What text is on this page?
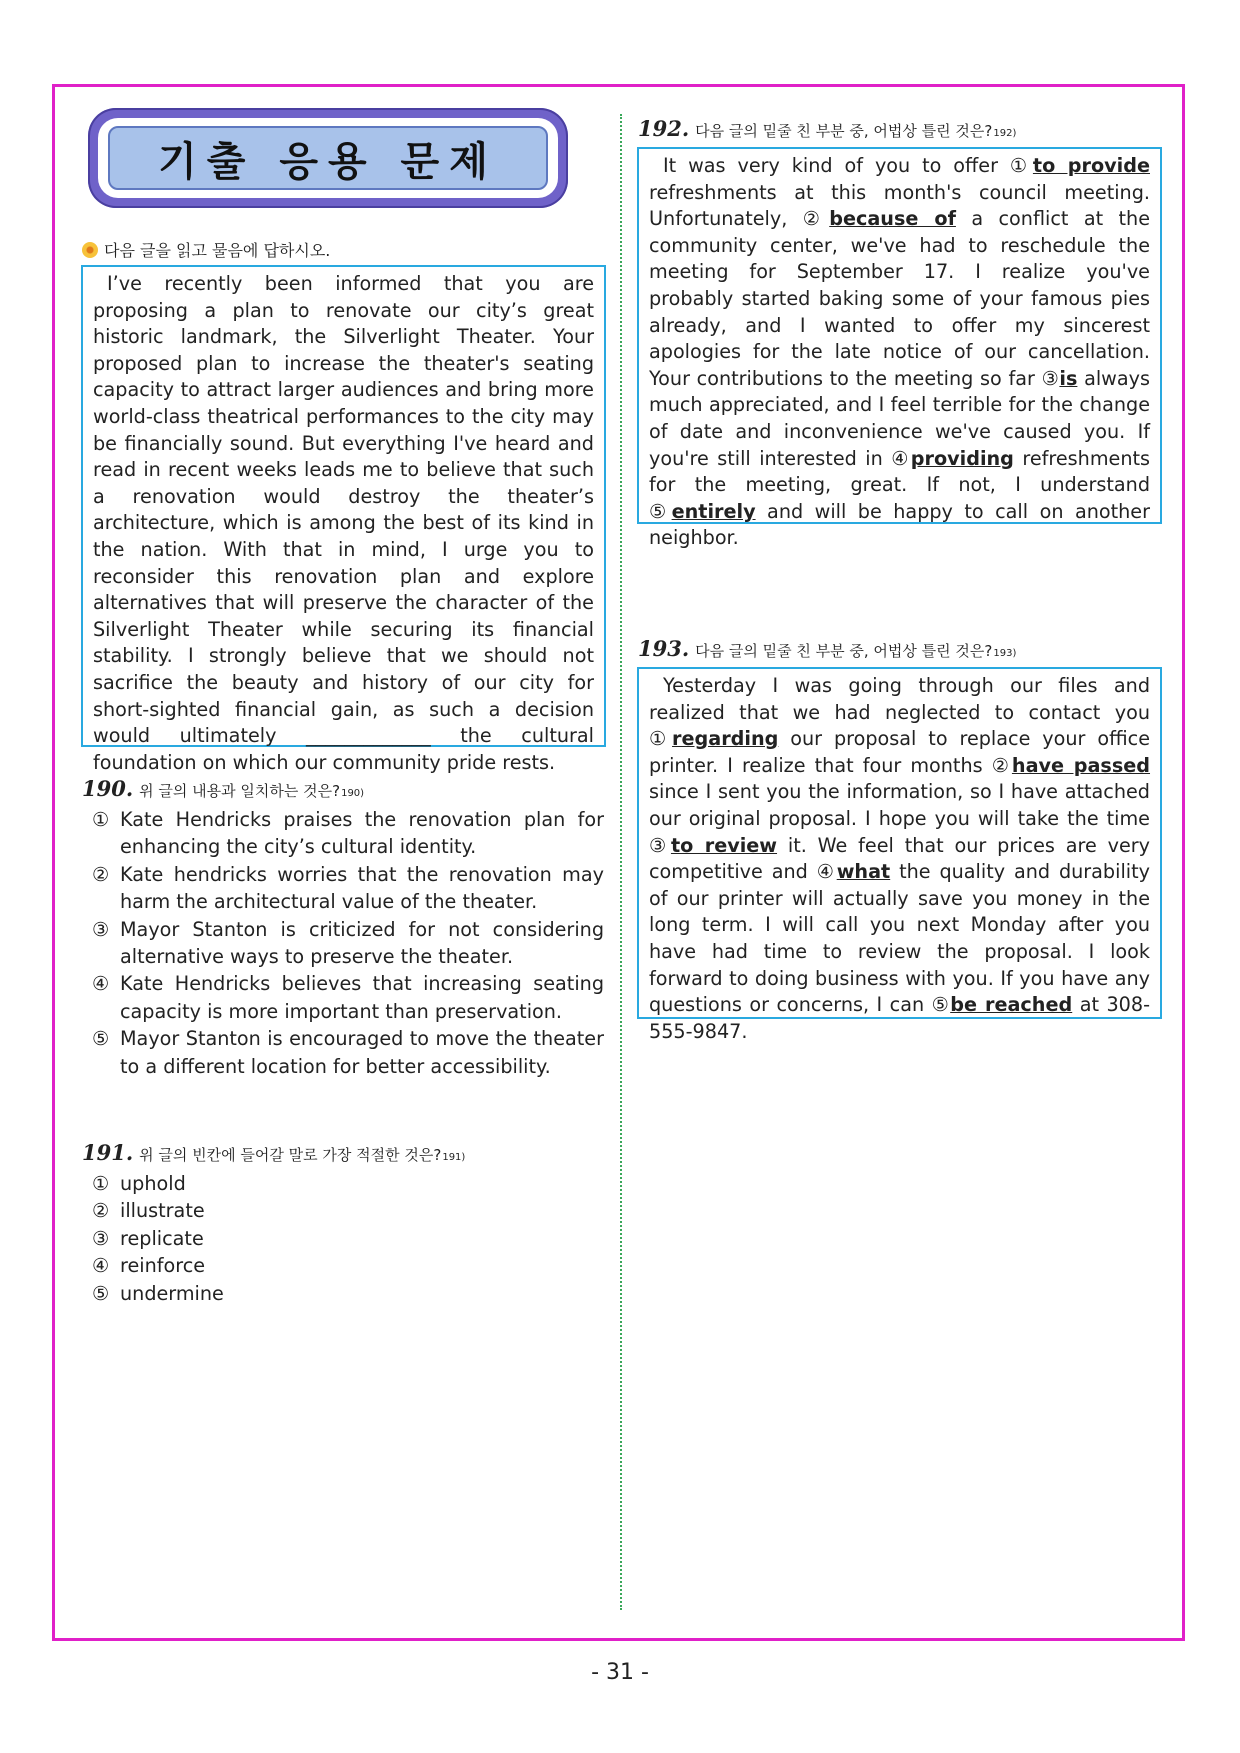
기출 응용 문제
다음 글을 읽고 물음에 답하시오.

I’ve recently been informed that you are proposing a plan to renovate our city’s great historic landmark, the Silverlight Theater. Your proposed plan to increase the theater's seating capacity to attract larger audiences and bring more world-class theatrical performances to the city may be financially sound. But everything I've heard and read in recent weeks leads me to believe that such a renovation would destroy the theater’s architecture, which is among the best of its kind in the nation. With that in mind, I urge you to reconsider this renovation plan and explore alternatives that will preserve the character of the Silverlight Theater while securing its financial stability. I strongly believe that we should not sacrifice the beauty and history of our city for short-sighted financial gain, as such a decision would ultimately _____________ the cultural foundation on which our community pride rests.

190. 위 글의 내용과 일치하는 것은? 190)
① Kate Hendricks praises the renovation plan for enhancing the city’s cultural identity.
② Kate hendricks worries that the renovation may harm the architectural value of the theater.
③ Mayor Stanton is criticized for not considering alternative ways to preserve the theater.
④ Kate Hendricks believes that increasing seating capacity is more important than preservation.
⑤ Mayor Stanton is encouraged to move the theater to a different location for better accessibility.
191. 위 글의 빈칸에 들어갈 말로 가장 적절한 것은? 191)
① uphold
② illustrate
③ replicate
④ reinforce
⑤ undermine
192. 다음 글의 밑줄 친 부분 중, 어법상 틀린 것은? 192)

It was very kind of you to offer ①to provide refreshments at this month's council meeting. Unfortunately, ②because of a conflict at the community center, we've had to reschedule the meeting for September 17. I realize you've probably started baking some of your famous pies already, and I wanted to offer my sincerest apologies for the late notice of our cancellation. Your contributions to the meeting so far ③is always much appreciated, and I feel terrible for the change of date and inconvenience we've caused you. If you're still interested in ④providing refreshments for the meeting, great. If not, I understand ⑤entirely and will be happy to call on another neighbor.

193. 다음 글의 밑줄 친 부분 중, 어법상 틀린 것은? 193)

Yesterday I was going through our files and realized that we had neglected to contact you ①regarding our proposal to replace your office printer. I realize that four months ②have passed since I sent you the information, so I have attached our original proposal. I hope you will take the time ③to review it. We feel that our prices are very competitive and ④what the quality and durability of our printer will actually save you money in the long term. I will call you next Monday after you have had time to review the proposal. I look forward to doing business with you. If you have any questions or concerns, I can ⑤be reached at 308-555-9847.

- 31 -
